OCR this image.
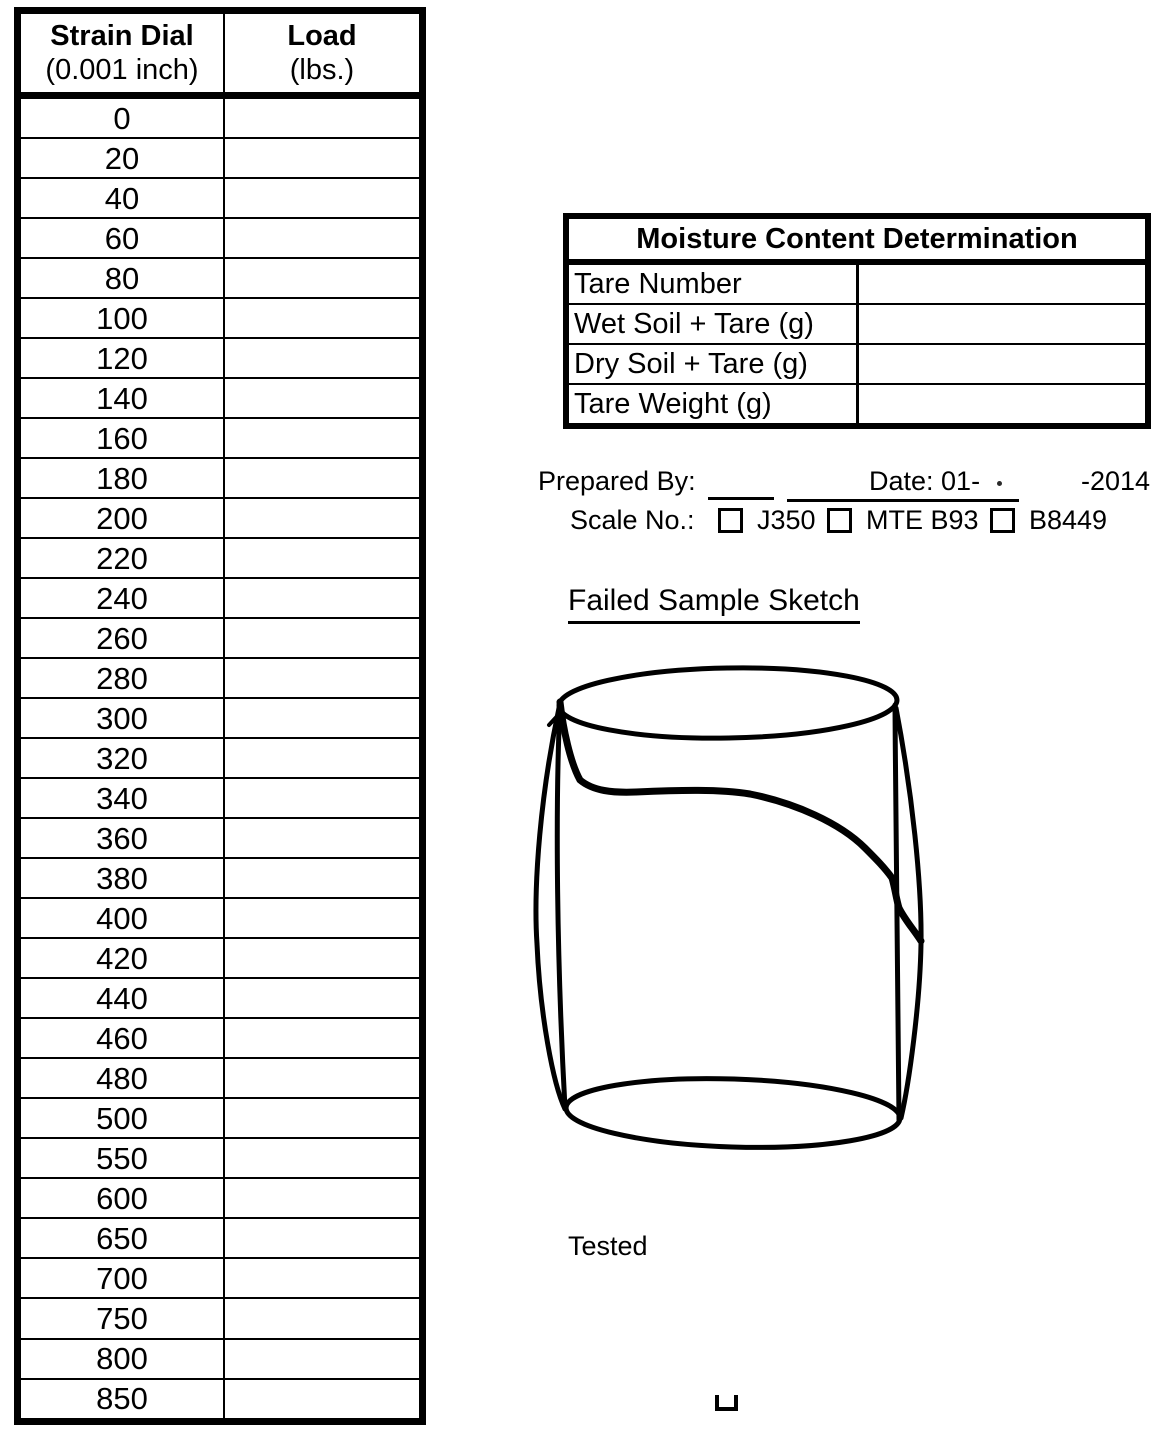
Strain Dial
(0.001 inch)

Load
(lbs.)

0	
20	
40	
60	
80	
100	
120	
140	
160	
180	
200	
220	
240	
260	
280	
300	
320	
340	
360	
380	
400	
420	
440	
460	
480	
500	
550	
600	
650	
700	
750	
800	
850	
Moisture Content Determination	
Tare Number	
Wet Soil + Tare (g)	
Dry Soil + Tare (g)	
Tare Weight (g)	
Prepared By:	Date: 01-	-2014
Scale No.: J350 MTE B93 B8449
Failed Sample Sketch
Tested
